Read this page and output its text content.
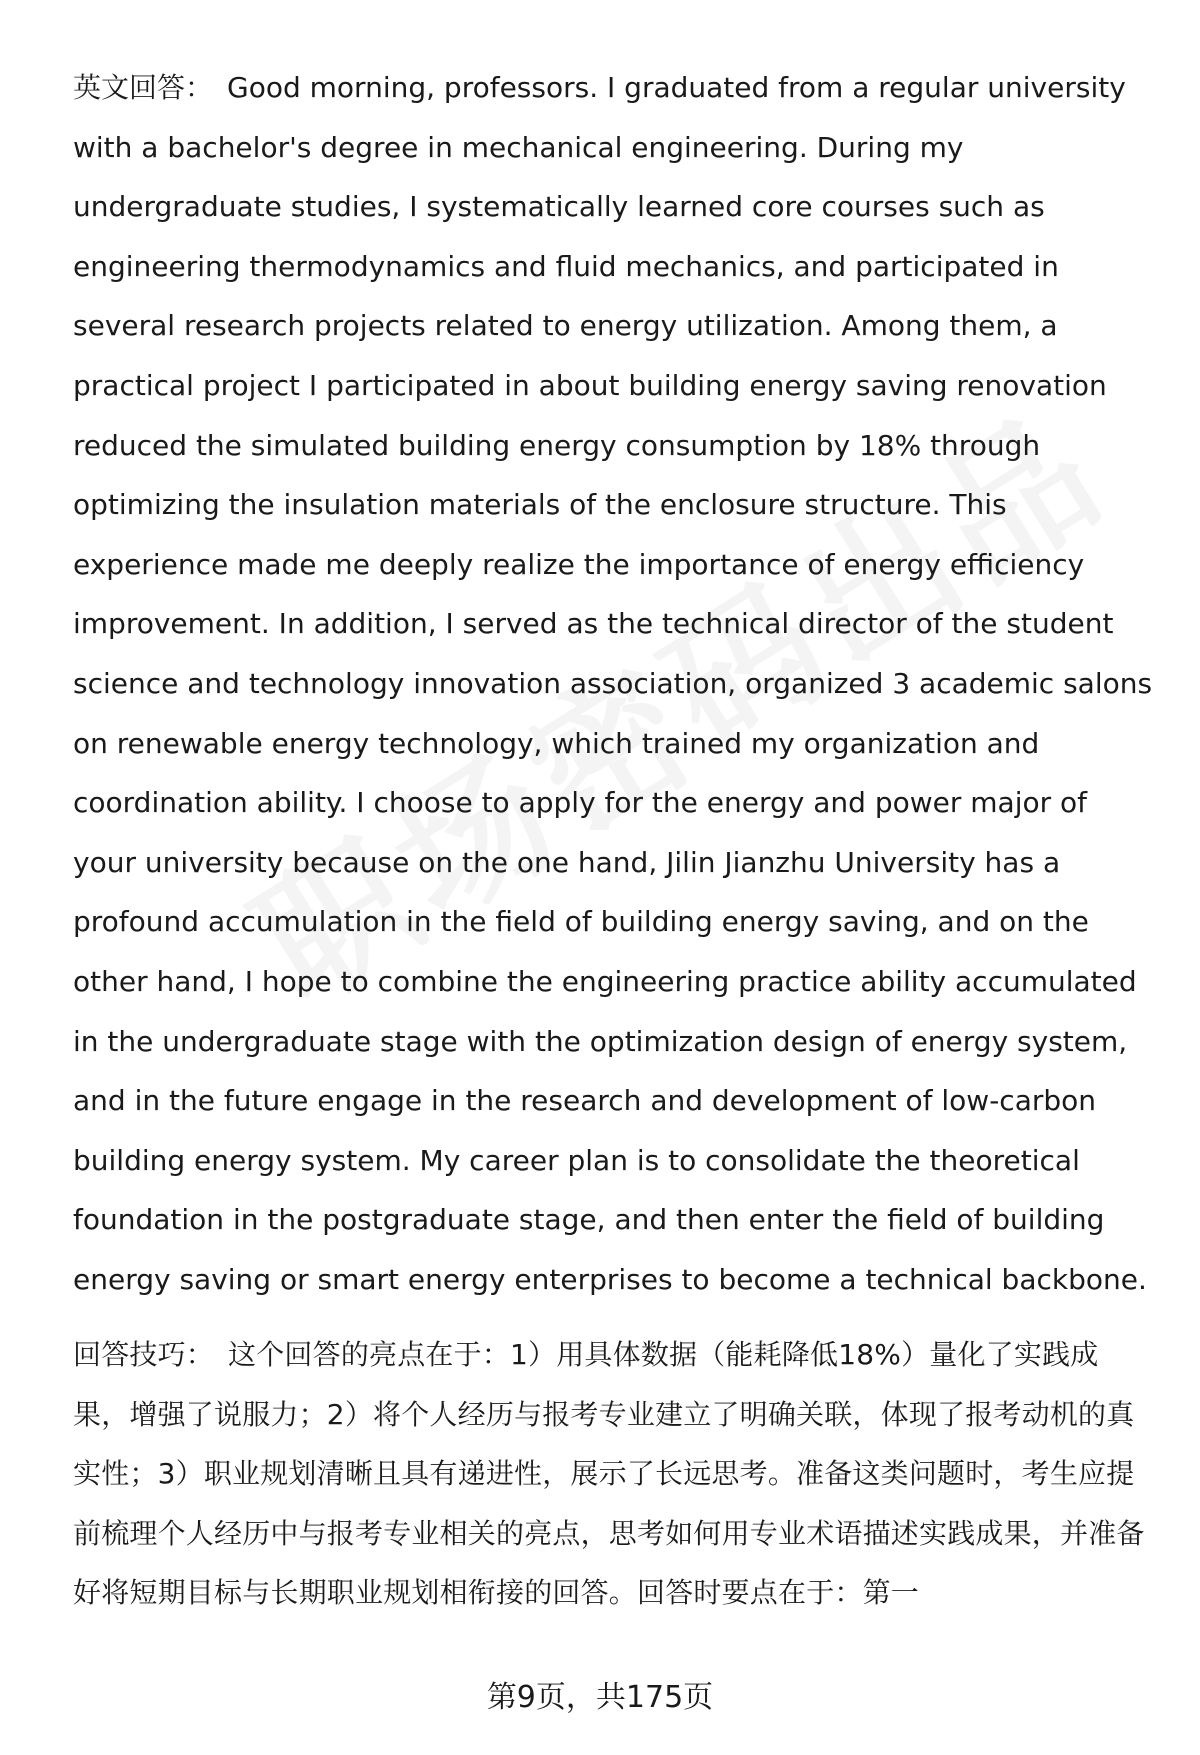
英文回答： Good morning, professors. I graduated from a regular university with a bachelor's degree in mechanical engineering. During my undergraduate studies, I systematically learned core courses such as engineering thermodynamics and fluid mechanics, and participated in several research projects related to energy utilization. Among them, a practical project I participated in about building energy saving renovation reduced the simulated building energy consumption by 18% through optimizing the insulation materials of the enclosure structure. This experience made me deeply realize the importance of energy efficiency improvement. In addition, I served as the technical director of the student science and technology innovation association, organized 3 academic salons on renewable energy technology, which trained my organization and coordination ability. I choose to apply for the energy and power major of your university because on the one hand, Jilin Jianzhu University has a profound accumulation in the field of building energy saving, and on the other hand, I hope to combine the engineering practice ability accumulated in the undergraduate stage with the optimization design of energy system, and in the future engage in the research and development of low-carbon building energy system. My career plan is to consolidate the theoretical foundation in the postgraduate stage, and then enter the field of building energy saving or smart energy enterprises to become a technical backbone.

回答技巧： 这个回答的亮点在于：1）用具体数据（能耗降低18%）量化了实践成果，增强了说服力；2）将个人经历与报考专业建立了明确关联，体现了报考动机的真实性；3）职业规划清晰且具有递进性，展示了长远思考。准备这类问题时，考生应提前梳理个人经历中与报考专业相关的亮点，思考如何用专业术语描述实践成果，并准备好将短期目标与长期职业规划相衔接的回答。回答时要点在于：第一

第9页，共175页
